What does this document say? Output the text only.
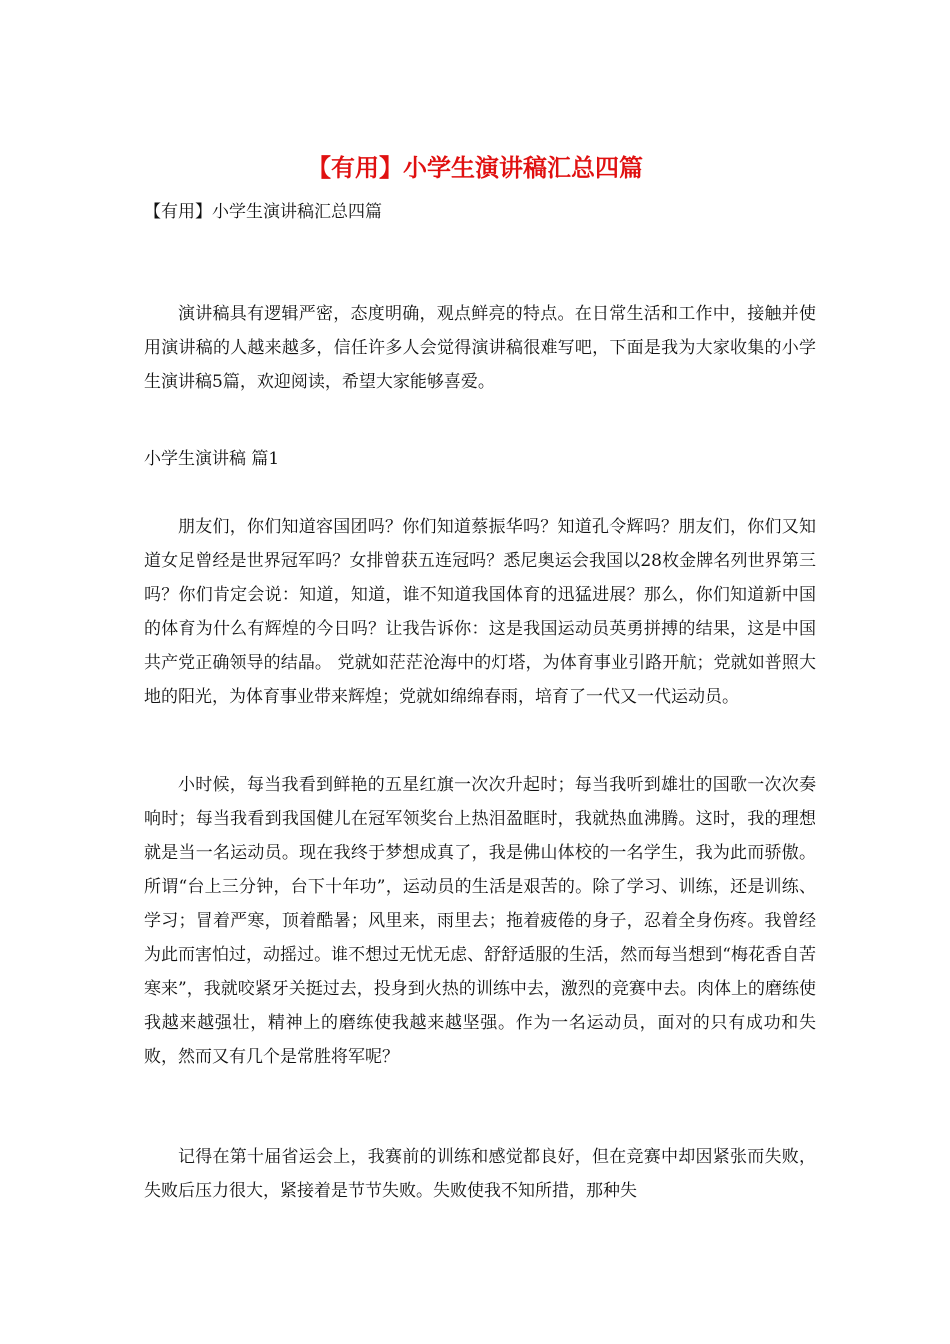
【有用】小学生演讲稿汇总四篇

【有用】小学生演讲稿汇总四篇

演讲稿具有逻辑严密，态度明确，观点鲜亮的特点。在日常生活和工作中，接触并使用演讲稿的人越来越多，信任许多人会觉得演讲稿很难写吧，下面是我为大家收集的小学生演讲稿5篇，欢迎阅读，希望大家能够喜爱。

小学生演讲稿 篇1

朋友们，你们知道容国团吗？你们知道蔡振华吗？知道孔令辉吗？朋友们，你们又知道女足曾经是世界冠军吗？女排曾获五连冠吗？悉尼奥运会我国以28枚金牌名列世界第三吗？你们肯定会说：知道，知道，谁不知道我国体育的迅猛进展？那么，你们知道新中国的体育为什么有辉煌的今日吗？让我告诉你：这是我国运动员英勇拼搏的结果，这是中国共产党正确领导的结晶。 党就如茫茫沧海中的灯塔，为体育事业引路开航；党就如普照大地的阳光，为体育事业带来辉煌；党就如绵绵春雨，培育了一代又一代运动员。

小时候，每当我看到鲜艳的五星红旗一次次升起时；每当我听到雄壮的国歌一次次奏响时；每当我看到我国健儿在冠军领奖台上热泪盈眶时，我就热血沸腾。这时，我的理想就是当一名运动员。现在我终于梦想成真了，我是佛山体校的一名学生，我为此而骄傲。所谓“台上三分钟，台下十年功”，运动员的生活是艰苦的。除了学习、训练，还是训练、学习；冒着严寒，顶着酷暑；风里来，雨里去；拖着疲倦的身子，忍着全身伤疼。我曾经为此而害怕过，动摇过。谁不想过无忧无虑、舒舒适服的生活，然而每当想到“梅花香自苦寒来”，我就咬紧牙关挺过去，投身到火热的训练中去，激烈的竞赛中去。肉体上的磨练使我越来越强壮，精神上的磨练使我越来越坚强。作为一名运动员，面对的只有成功和失败，然而又有几个是常胜将军呢？

记得在第十届省运会上，我赛前的训练和感觉都良好，但在竞赛中却因紧张而失败，失败后压力很大，紧接着是节节失败。失败使我不知所措，那种失
